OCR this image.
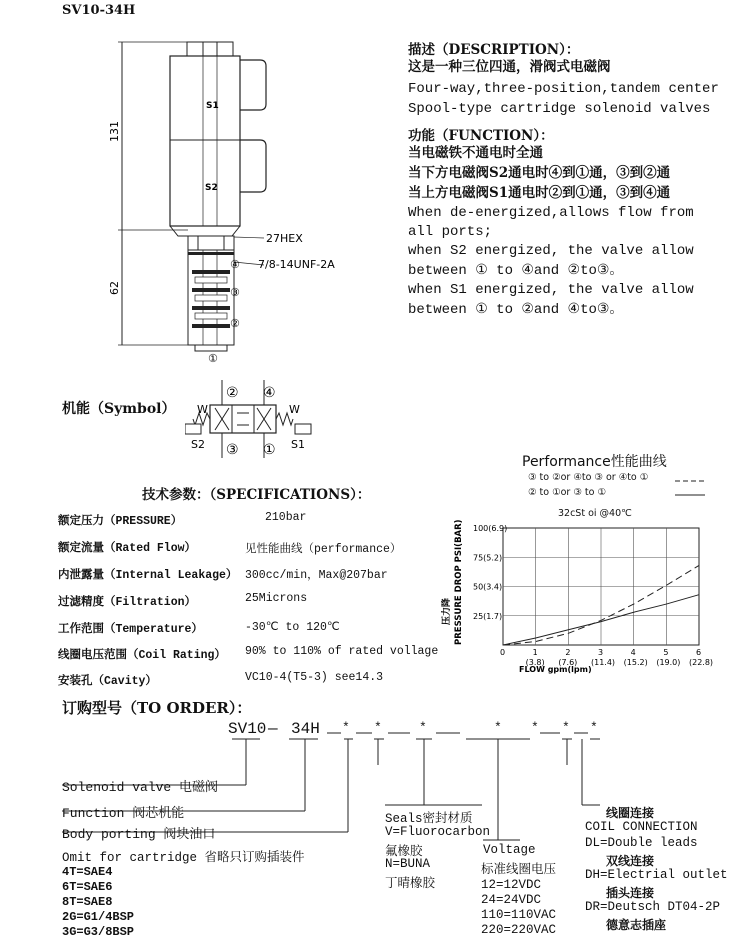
SV10-34H
131
62
S1
S2
27HEX
④ 7/8-14UNF-2A
③
②
①
描述（DESCRIPTION）：
这是一种三位四通，滑阀式电磁阀
Four-way,three-position,tandem center
Spool-type cartridge solenoid valves
功能（FUNCTION）：
当电磁铁不通电时全通
当下方电磁阀S2通电时④到①通，③到②通
当上方电磁阀S1通电时②到①通，③到④通
When de-energized,allows flow from
all ports;
when S2 energized, the valve allow
between ① to ④and ②to③。
when S1 energized, the valve allow
between ① to ②and ④to③。
机能（Symbol）
② ④
③ ①
W	W
S2	S1
技术参数：（SPECIFICATIONS）：
额定压力（PRESSURE）	210bar
额定流量（Rated Flow）	见性能曲线（performance）
内泄露量（Internal Leakage） 300cc/min，Max@207bar
过滤精度（Filtration）	25Microns
工作范围（Temperature）	-30℃ to 120℃
线圈电压范围（Coil Rating） 90% to 110% of rated vollage
安装孔（Cavity）	VC10-4(T5-3) see14.3
Performance性能曲线
③ to ②or ④to ③ or ④to ①
② to ①or ③ to ①
32cSt oi @40℃
压力降 PRESSURE DROP PSI(BAR)
FLOW gpm(lpm)
0	1
(3.8)
2
(7.6)
3
(11.4)
4
(15.2)
5
(19.0)
6
(22.8)
25(1.7)
50(3.4)
75(5.2)
100(6.9)
订购型号（TO ORDER）：
SV10 — 34H * *	*	* * * *
Solenoid valve 电磁阀
Function 阀芯机能
Body porting 阀块油口
Omit for cartridge 省略只订购插装件
4T=SAE4
6T=SAE6
8T=SAE8
2G=G1/4BSP
3G=G3/8BSP
Seals密封材质
V=Fluorocarbon
氟橡胶
N=BUNA
丁晴橡胶
Voltage
标准线圈电压
12=12VDC
24=24VDC
110=110VAC
220=220VAC
线圈连接
COIL CONNECTION
DL=Double leads
双线连接
DH=Electrial outlet
插头连接
DR=Deutsch DT04-2P
德意志插座
